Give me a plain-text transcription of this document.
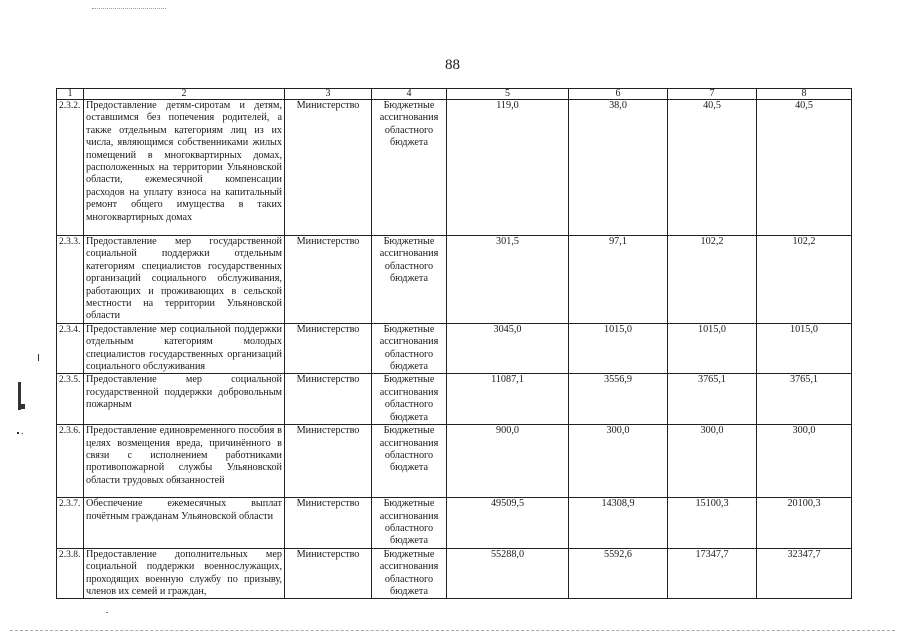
88
1	2	3	4	5	6	7	8
2.3.2.	Предоставление детям-сиротам и детям, оставшимся без попечения родителей, а также отдельным категориям лиц из их числа, являющимся собственниками жилых помещений в многоквартирных домах, расположенных на территории Ульяновской области, ежемесячной компенсации расходов на уплату взноса на капитальный ремонт общего имущества в таких многоквартирных домах	Министерство	Бюджетные ассигнования областного бюджета	119,0	38,0	40,5	40,5
2.3.3.	Предоставление мер государственной социальной поддержки отдельным категориям специалистов государственных организаций социального обслуживания, работающих и проживающих в сельской местности на территории Ульяновской области	Министерство	Бюджетные ассигнования областного бюджета	301,5	97,1	102,2	102,2
2.3.4.	Предоставление мер социальной поддержки отдельным категориям молодых специалистов государственных организаций социального обслуживания	Министерство	Бюджетные ассигнования областного бюджета	3045,0	1015,0	1015,0	1015,0
2.3.5.	Предоставление мер социальной государственной поддержки добровольным пожарным	Министерство	Бюджетные ассигнования областного бюджета	11087,1	3556,9	3765,1	3765,1
2.3.6.	Предоставление единовременного пособия в целях возмещения вреда, причинённого в связи с исполнением работниками противопожарной службы Ульяновской области трудовых обязанностей	Министерство	Бюджетные ассигнования областного бюджета	900,0	300,0	300,0	300,0
2.3.7.	Обеспечение ежемесячных выплат почётным гражданам Ульяновской области	Министерство	Бюджетные ассигнования областного бюджета	49509,5	14308,9	15100,3	20100,3
2.3.8.	Предоставление дополнительных мер социальной поддержки военнослужащих, проходящих военную службу по призыву, членов их семей и граждан,	Министерство	Бюджетные ассигнования областного бюджета	55288,0	5592,6	17347,7	32347,7
